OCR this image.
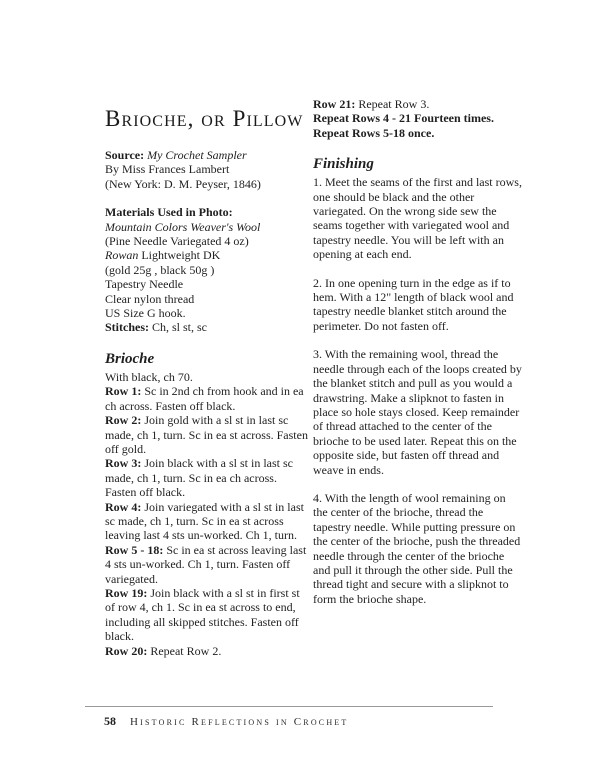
Brioche, or Pillow

Source: My Crochet Sampler

By Miss Frances Lambert

(New York: D. M. Peyser, 1846)

Materials Used in Photo:

Mountain Colors Weaver's Wool

(Pine Needle Variegated 4 oz)

Rowan Lightweight DK

(gold 25g , black 50g )

Tapestry Needle

Clear nylon thread

US Size G hook.

Stitches: Ch, sl st, sc

Brioche

With black, ch 70.

Row 1: Sc in 2nd ch from hook and in ea ch across. Fasten off black.

Row 2: Join gold with a sl st in last sc made, ch 1, turn. Sc in ea st across. Fasten off gold.

Row 3: Join black with a sl st in last sc made, ch 1, turn. Sc in ea ch across. Fasten off black.

Row 4: Join variegated with a sl st in last sc made, ch 1, turn. Sc in ea st across leaving last 4 sts un-worked. Ch 1, turn.

Row 5 - 18: Sc in ea st across leaving last 4 sts un-worked. Ch 1, turn. Fasten off variegated.

Row 19: Join black with a sl st in first st of row 4, ch 1. Sc in ea st across to end, including all skipped stitches. Fasten off black.

Row 20: Repeat Row 2.

Row 21: Repeat Row 3.

Repeat Rows 4 - 21 Fourteen times.

Repeat Rows 5-18 once.

Finishing

1. Meet the seams of the first and last rows, one should be black and the other variegated. On the wrong side sew the seams together with variegated wool and tapestry needle. You will be left with an opening at each end.

2. In one opening turn in the edge as if to hem. With a 12" length of black wool and tapestry needle blanket stitch around the perimeter. Do not fasten off.

3. With the remaining wool, thread the needle through each of the loops created by the blanket stitch and pull as you would a drawstring. Make a slipknot to fasten in place so hole stays closed. Keep remainder of thread attached to the center of the brioche to be used later. Repeat this on the opposite side, but fasten off thread and weave in ends.

4. With the length of wool remaining on the center of the brioche, thread the tapestry needle. While putting pressure on the center of the brioche, push the threaded needle through the center of the brioche and pull it through the other side. Pull the thread tight and secure with a slipknot to form the brioche shape.

58 Historic Reflections in Crochet
